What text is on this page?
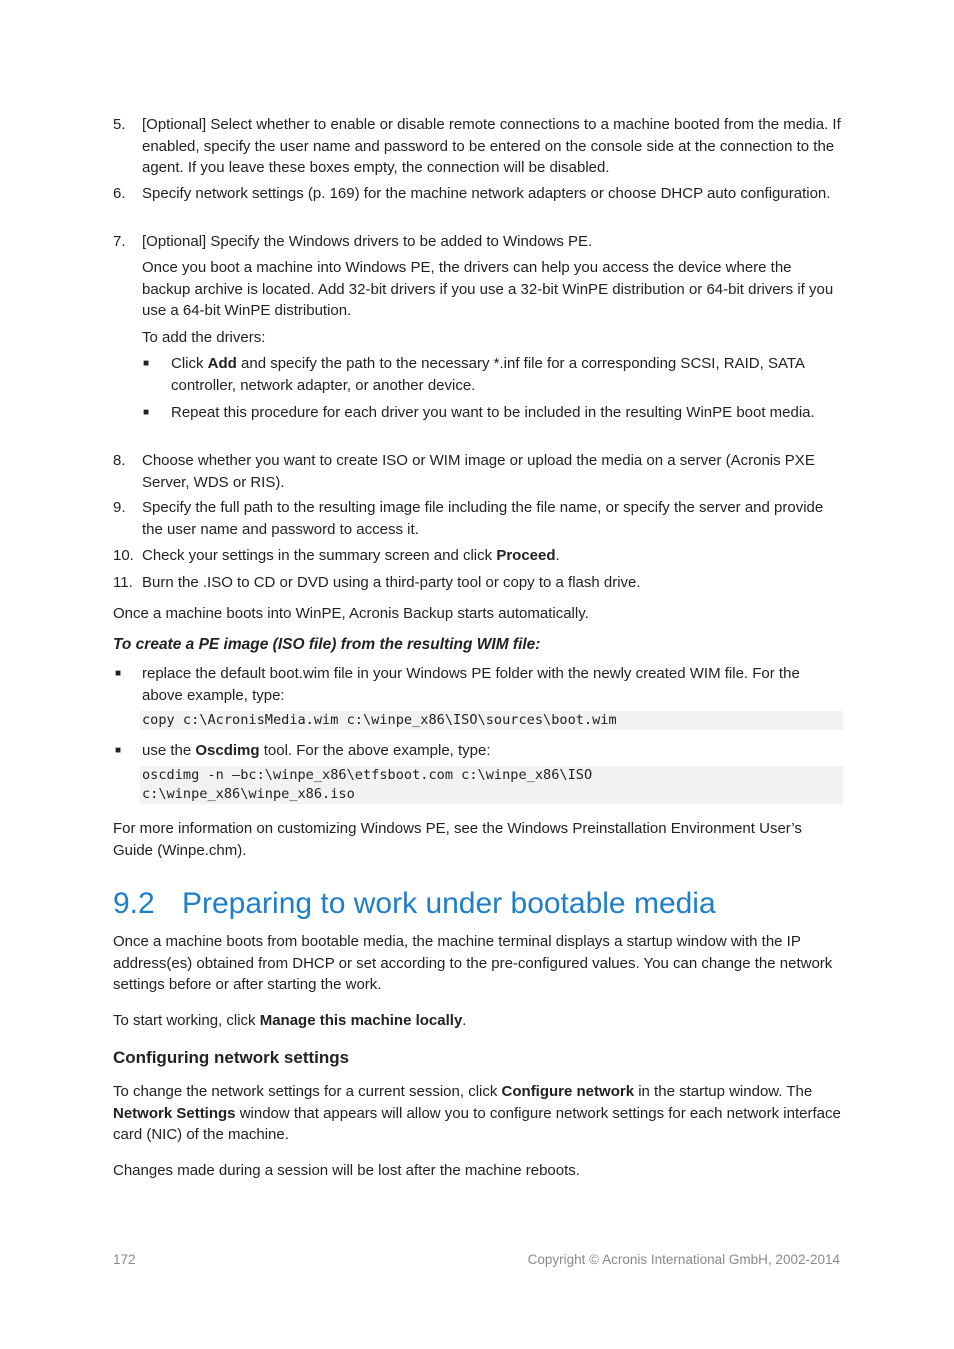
5.	[Optional] Select whether to enable or disable remote connections to a machine booted from the media. If enabled, specify the user name and password to be entered on the console side at the connection to the agent. If you leave these boxes empty, the connection will be disabled.
6.	Specify network settings (p. 169) for the machine network adapters or choose DHCP auto configuration.
7.	[Optional] Specify the Windows drivers to be added to Windows PE.
Once you boot a machine into Windows PE, the drivers can help you access the device where the backup archive is located. Add 32-bit drivers if you use a 32-bit WinPE distribution or 64-bit drivers if you use a 64-bit WinPE distribution.
To add the drivers:
■ Click Add and specify the path to the necessary *.inf file for a corresponding SCSI, RAID, SATA controller, network adapter, or another device.
■ Repeat this procedure for each driver you want to be included in the resulting WinPE boot media.
8.	Choose whether you want to create ISO or WIM image or upload the media on a server (Acronis PXE Server, WDS or RIS).
9.	Specify the full path to the resulting image file including the file name, or specify the server and provide the user name and password to access it.
10. Check your settings in the summary screen and click Proceed.
11. Burn the .ISO to CD or DVD using a third-party tool or copy to a flash drive.
Once a machine boots into WinPE, Acronis Backup starts automatically.
To create a PE image (ISO file) from the resulting WIM file:
■ replace the default boot.wim file in your Windows PE folder with the newly created WIM file. For the above example, type:
copy c:\AcronisMedia.wim c:\winpe_x86\ISO\sources\boot.wim
■ use the Oscdimg tool. For the above example, type:
oscdimg -n –bc:\winpe_x86\etfsboot.com c:\winpe_x86\ISO
c:\winpe_x86\winpe_x86.iso
For more information on customizing Windows PE, see the Windows Preinstallation Environment User’s Guide (Winpe.chm).
9.2 Preparing to work under bootable media
Once a machine boots from bootable media, the machine terminal displays a startup window with the IP address(es) obtained from DHCP or set according to the pre-configured values. You can change the network settings before or after starting the work.
To start working, click Manage this machine locally.
Configuring network settings
To change the network settings for a current session, click Configure network in the startup window. The Network Settings window that appears will allow you to configure network settings for each network interface card (NIC) of the machine.
Changes made during a session will be lost after the machine reboots.
172	Copyright © Acronis International GmbH, 2002-2014
